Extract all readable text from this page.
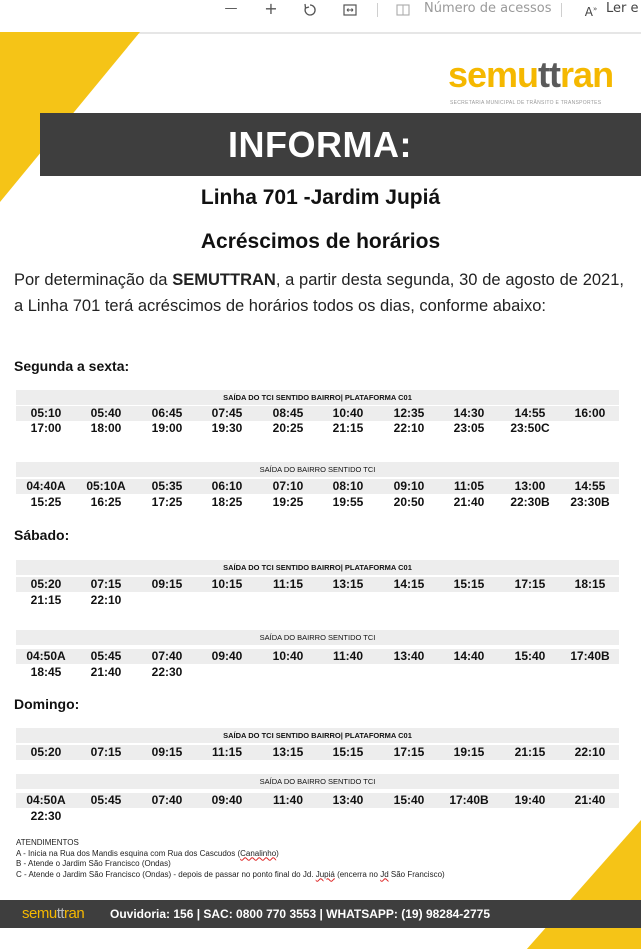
— +	Número de acessos	A» Ler e
semuttran
SECRETARIA MUNICIPAL DE TRÂNSITO E TRANSPORTES
INFORMA:
Linha 701 -Jardim Jupiá
Acréscimos de horários

Por determinação da SEMUTTRAN, a partir desta segunda, 30 de agosto de 2021, a Linha 701 terá acréscimos de horários todos os dias, conforme abaixo:

Segunda a sexta:
SAÍDA DO TCI SENTIDO BAIRRO| PLATAFORMA C01
05:10	05:40	06:45	07:45	08:45	10:40	12:35	14:30	14:55	16:00
17:00	18:00	19:00	19:30	20:25	21:15	22:10	23:05	23:50C
SAÍDA DO BAIRRO SENTIDO TCI
04:40A	05:10A	05:35	06:10	07:10	08:10	09:10	11:05	13:00	14:55
15:25	16:25	17:25	18:25	19:25	19:55	20:50	21:40	22:30B	23:30B
Sábado:
SAÍDA DO TCI SENTIDO BAIRRO| PLATAFORMA C01
05:20	07:15	09:15	10:15	11:15	13:15	14:15	15:15	17:15	18:15
21:15	22:10
SAÍDA DO BAIRRO SENTIDO TCI
04:50A	05:45	07:40	09:40	10:40	11:40	13:40	14:40	15:40	17:40B
18:45	21:40	22:30
Domingo:
SAÍDA DO TCI SENTIDO BAIRRO| PLATAFORMA C01
05:20	07:15	09:15	11:15	13:15	15:15	17:15	19:15	21:15	22:10
SAÍDA DO BAIRRO SENTIDO TCI
04:50A	05:45	07:40	09:40	11:40	13:40	15:40	17:40B	19:40	21:40
22:30
ATENDIMENTOS
A - Inicia na Rua dos Mandis esquina com Rua dos Cascudos (Canalinho)
B - Atende o Jardim São Francisco (Ondas)
C - Atende o Jardim São Francisco (Ondas) - depois de passar no ponto final do Jd. Jupiá (encerra no Jd São Francisco)
semuttran Ouvidoria: 156 | SAC: 0800 770 3553 | WHATSAPP: (19) 98284-2775
